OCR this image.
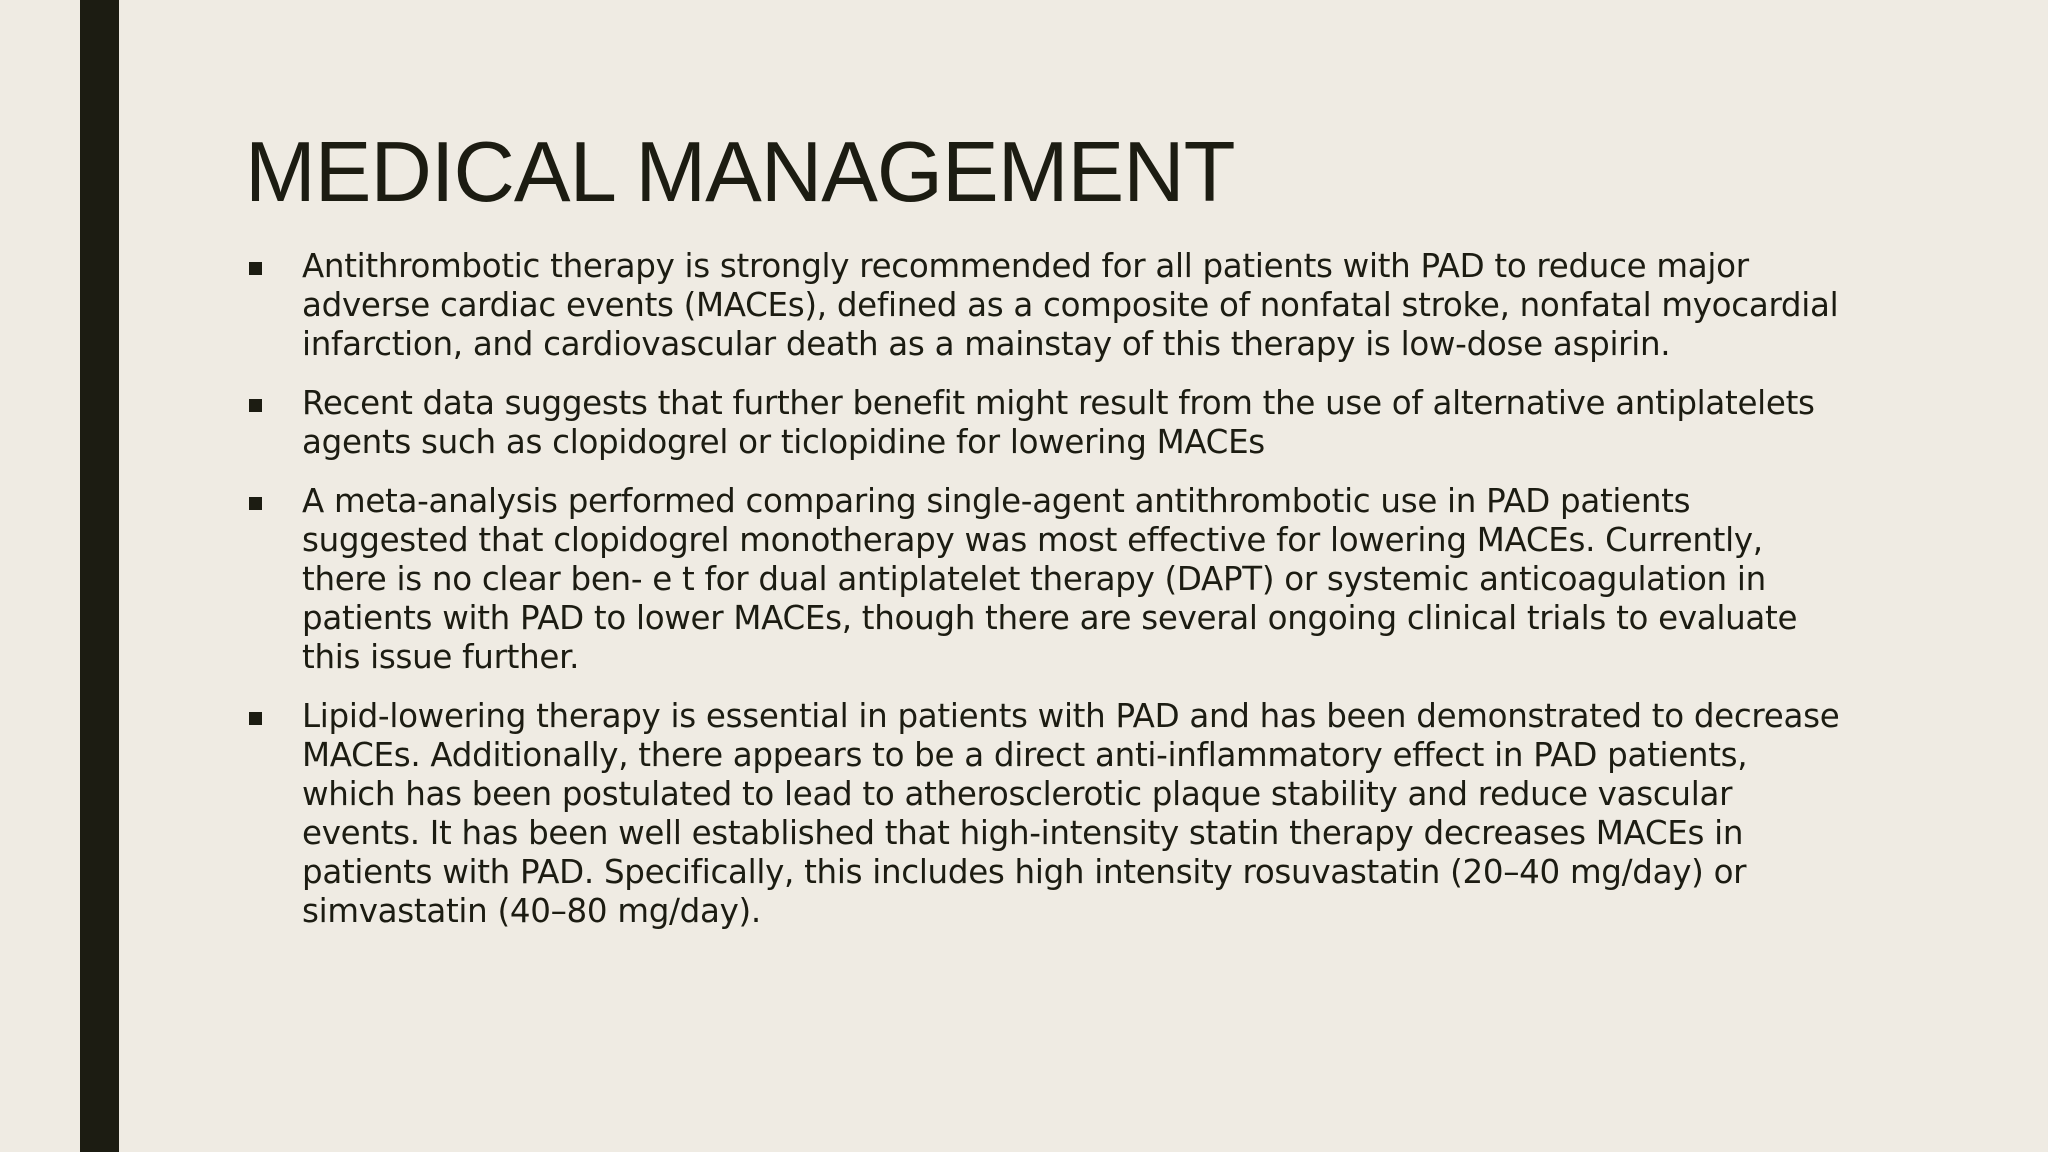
MEDICAL MANAGEMENT
Antithrombotic therapy is strongly recommended for all patients with PAD to reduce major adverse cardiac events (MACEs), defined as a composite of nonfatal stroke, nonfatal myocardial infarction, and cardiovascular death as a mainstay of this therapy is low-dose aspirin.
Recent data suggests that further benefit might result from the use of alternative antiplatelets agents such as clopidogrel or ticlopidine for lowering MACEs
A meta-analysis performed comparing single-agent antithrombotic use in PAD patients suggested that clopidogrel monotherapy was most effective for lowering MACEs. Currently, there is no clear ben- e t for dual antiplatelet therapy (DAPT) or systemic anticoagulation in patients with PAD to lower MACEs, though there are several ongoing clinical trials to evaluate this issue further.
Lipid-lowering therapy is essential in patients with PAD and has been demonstrated to decrease MACEs. Additionally, there appears to be a direct anti-inflammatory effect in PAD patients, which has been postulated to lead to atherosclerotic plaque stability and reduce vascular events. It has been well established that high-intensity statin therapy decreases MACEs in patients with PAD. Specifically, this includes high intensity rosuvastatin (20–40 mg/day) or simvastatin (40–80 mg/day).
